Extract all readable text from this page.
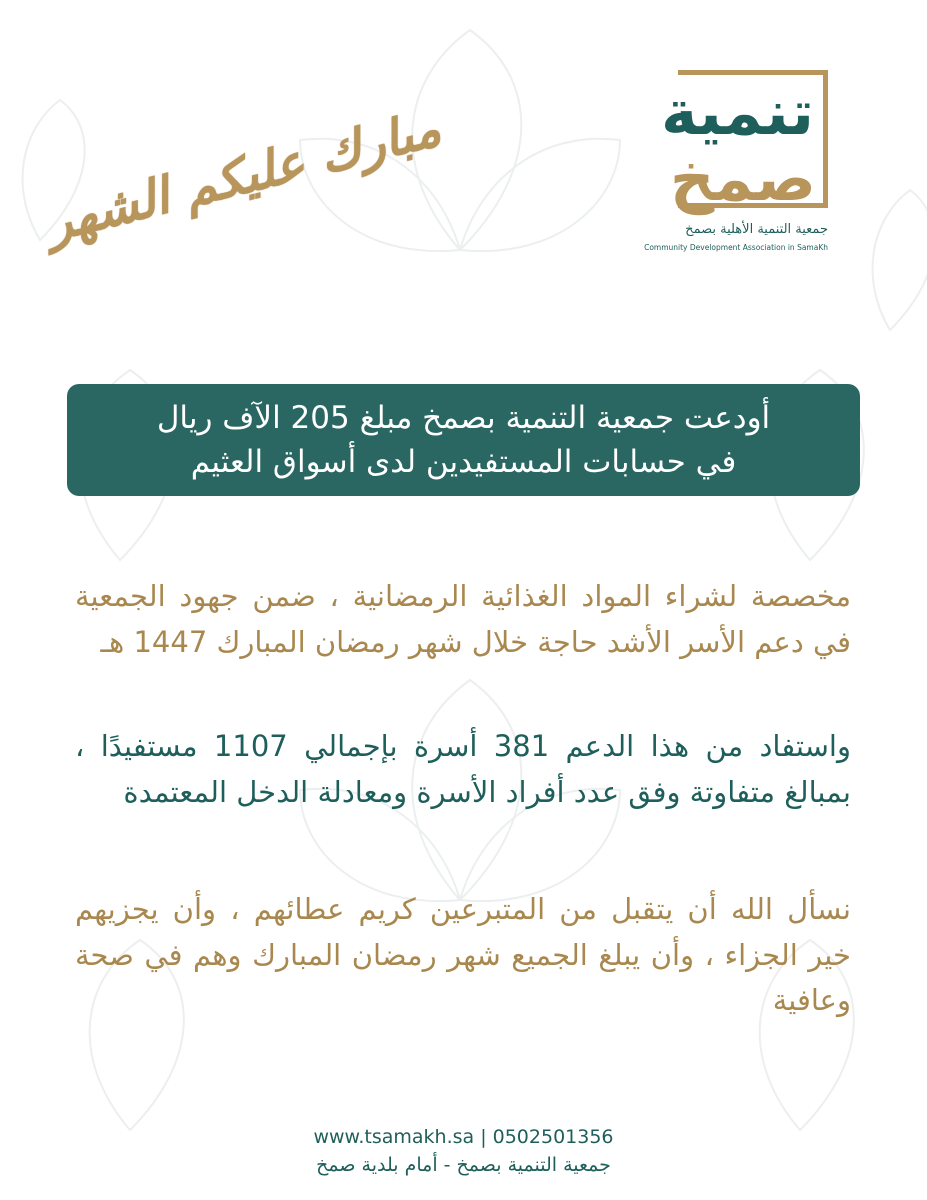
تنمية
صمخ
جمعية التنمية الأهلية بصمخ
Community Development Association in SamaKh
مبارك عليكم الشهر
أودعت جمعية التنمية بصمخ مبلغ 205 الآف ريال
في حسابات المستفيدين لدى أسواق العثيم
مخصصة لشراء المواد الغذائية الرمضانية ، ضمن جهود الجمعية في دعم الأسر الأشد حاجة خلال شهر رمضان المبارك 1447 هـ
واستفاد من هذا الدعم 381 أسرة بإجمالي 1107 مستفيدًا ، بمبالغ متفاوتة وفق عدد أفراد الأسرة ومعادلة الدخل المعتمدة
نسأل الله أن يتقبل من المتبرعين كريم عطائهم ، وأن يجزيهم خير الجزاء ، وأن يبلغ الجميع شهر رمضان المبارك وهم في صحة وعافية
www.tsamakh.sa | 0502501356
جمعية التنمية بصمخ - أمام بلدية صمخ
